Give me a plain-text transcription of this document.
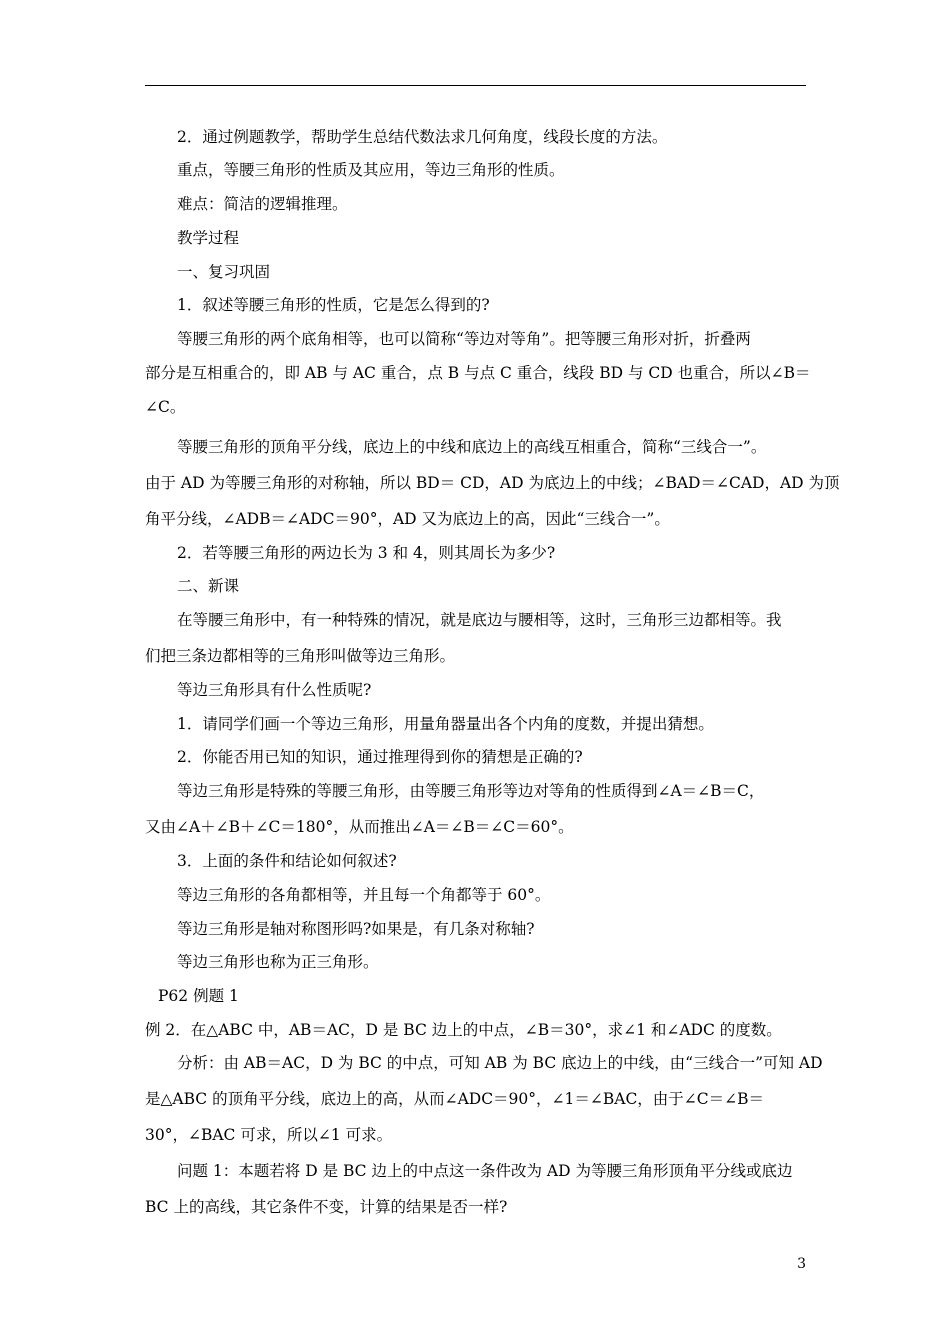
2．通过例题教学，帮助学生总结代数法求几何角度，线段长度的方法。
重点，等腰三角形的性质及其应用，等边三角形的性质。
难点：简洁的逻辑推理。
教学过程
一、复习巩固
1．叙述等腰三角形的性质，它是怎么得到的?
等腰三角形的两个底角相等，也可以简称“等边对等角”。把等腰三角形对折，折叠两
部分是互相重合的，即 AB 与 AC 重合，点 B 与点 C 重合，线段 BD 与 CD 也重合，所以∠B＝
∠C。
等腰三角形的顶角平分线，底边上的中线和底边上的高线互相重合，简称“三线合一”。
由于 AD 为等腰三角形的对称轴，所以 BD＝ CD，AD 为底边上的中线；∠BAD＝∠CAD，AD 为顶
角平分线，∠ADB＝∠ADC＝90°，AD 又为底边上的高，因此“三线合一”。
2．若等腰三角形的两边长为 3 和 4，则其周长为多少?
二、新课
在等腰三角形中，有一种特殊的情况，就是底边与腰相等，这时，三角形三边都相等。我
们把三条边都相等的三角形叫做等边三角形。
等边三角形具有什么性质呢?
1．请同学们画一个等边三角形，用量角器量出各个内角的度数，并提出猜想。
2．你能否用已知的知识，通过推理得到你的猜想是正确的?
等边三角形是特殊的等腰三角形，由等腰三角形等边对等角的性质得到∠A＝∠B＝C，
又由∠A＋∠B＋∠C＝180°，从而推出∠A＝∠B＝∠C＝60°。
3．上面的条件和结论如何叙述?
等边三角形的各角都相等，并且每一个角都等于 60°。
等边三角形是轴对称图形吗?如果是，有几条对称轴?
等边三角形也称为正三角形。
P62 例题 1
例 2．在△ABC 中，AB＝AC，D 是 BC 边上的中点，∠B＝30°，求∠1 和∠ADC 的度数。
分析：由 AB＝AC，D 为 BC 的中点，可知 AB 为 BC 底边上的中线，由“三线合一”可知 AD
是△ABC 的顶角平分线，底边上的高，从而∠ADC＝90°，∠1＝∠BAC，由于∠C＝∠B＝
30°，∠BAC 可求，所以∠1 可求。
问题 1：本题若将 D 是 BC 边上的中点这一条件改为 AD 为等腰三角形顶角平分线或底边
BC 上的高线，其它条件不变，计算的结果是否一样?
3
